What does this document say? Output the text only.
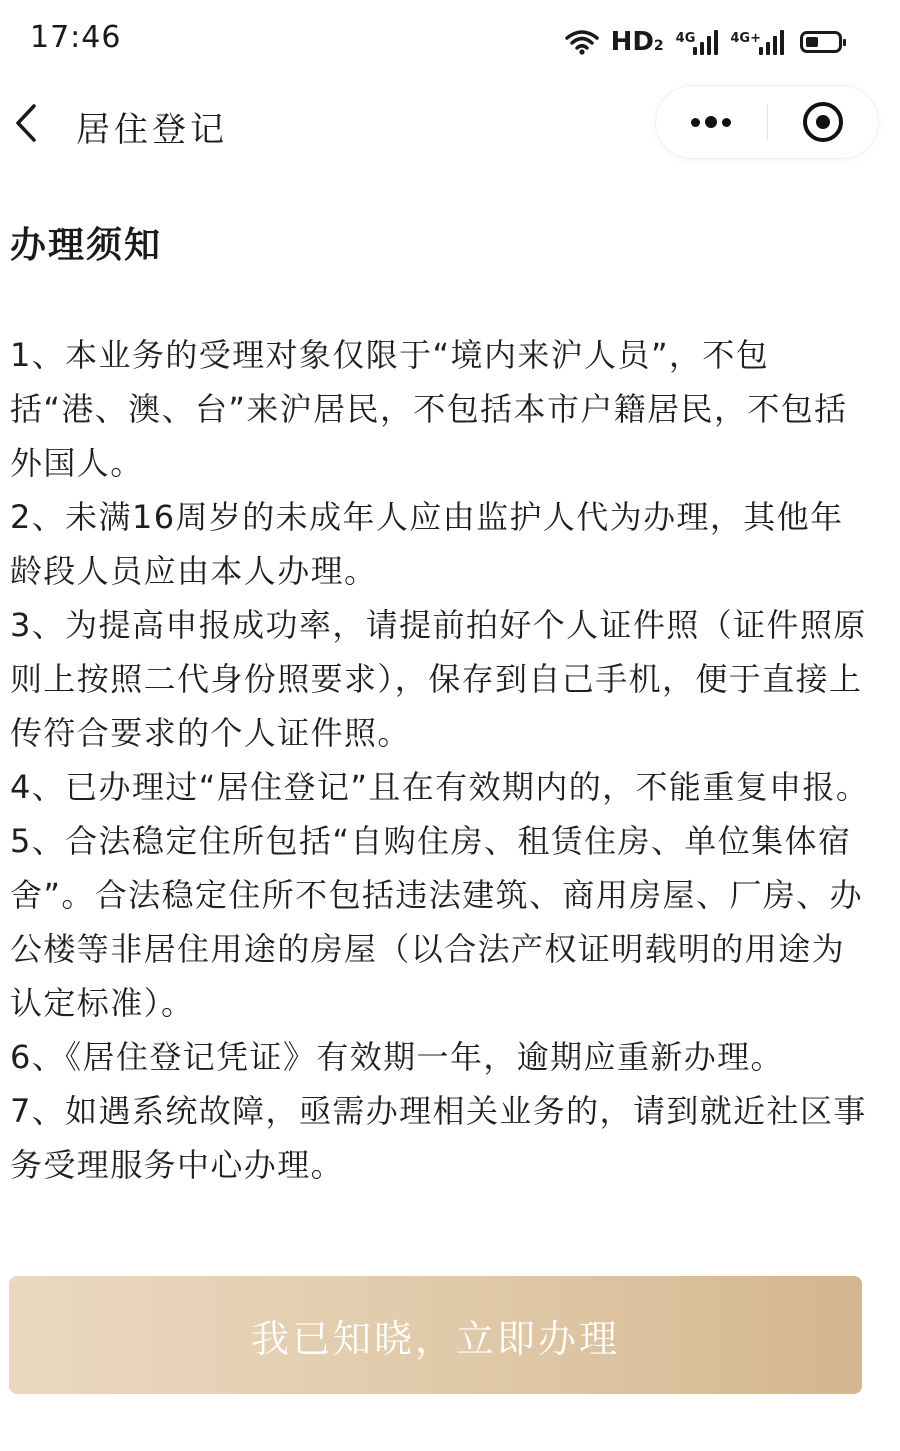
17:46	HD2 4G	4G+
居住登记
办理须知

1、本业务的受理对象仅限于“境内来沪人员”，不包括“港、澳、台”来沪居民，不包括本市户籍居民，不包括外国人。

2、未满16周岁的未成年人应由监护人代为办理，其他年龄段人员应由本人办理。

3、为提高申报成功率，请提前拍好个人证件照（证件照原则上按照二代身份照要求），保存到自己手机，便于直接上传符合要求的个人证件照。

4、已办理过“居住登记”且在有效期内的，不能重复申报。

5、合法稳定住所包括“自购住房、租赁住房、单位集体宿舍”。合法稳定住所不包括违法建筑、商用房屋、厂房、办公楼等非居住用途的房屋（以合法产权证明载明的用途为认定标准）。

6、《居住登记凭证》有效期一年，逾期应重新办理。

7、如遇系统故障，亟需办理相关业务的，请到就近社区事务受理服务中心办理。

我已知晓，立即办理
